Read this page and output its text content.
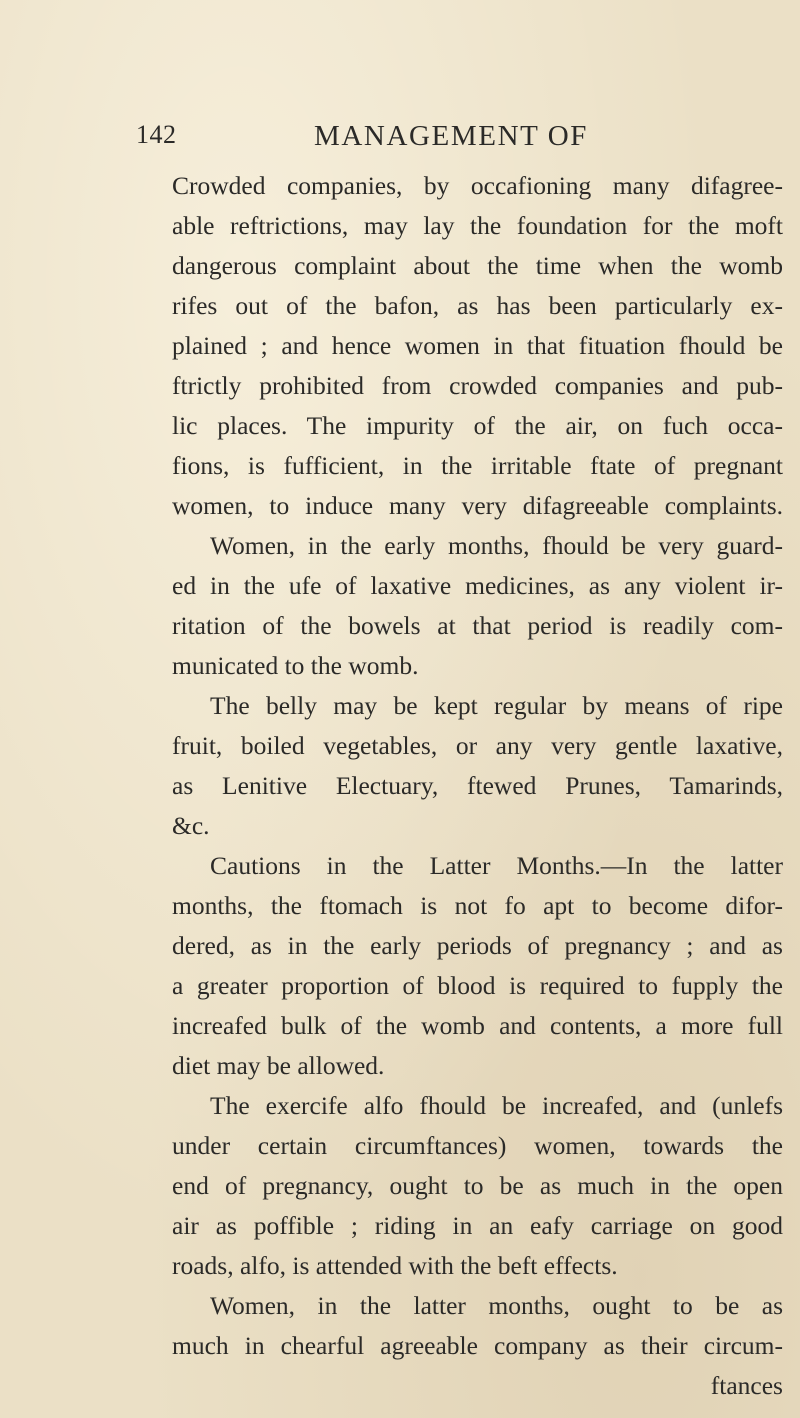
142	MANAGEMENT OF
Crowded companies, by occafioning many difagree-
able reftrictions, may lay the foundation for the moft
dangerous complaint about the time when the womb
rifes out of the bafon, as has been particularly ex-
plained ; and hence women in that fituation fhould be
ftrictly prohibited from crowded companies and pub-
lic places. The impurity of the air, on fuch occa-
fions, is fufficient, in the irritable ftate of pregnant
women, to induce many very difagreeable complaints.
Women, in the early months, fhould be very guard-
ed in the ufe of laxative medicines, as any violent ir-
ritation of the bowels at that period is readily com-
municated to the womb.
The belly may be kept regular by means of ripe
fruit, boiled vegetables, or any very gentle laxative,
as Lenitive Electuary, ftewed Prunes, Tamarinds,
&c.
Cautions in the Latter Months.—In the latter
months, the ftomach is not fo apt to become difor-
dered, as in the early periods of pregnancy ; and as
a greater proportion of blood is required to fupply the
increafed bulk of the womb and contents, a more full
diet may be allowed.
The exercife alfo fhould be increafed, and (unlefs
under certain circumftances) women, towards the
end of pregnancy, ought to be as much in the open
air as poffible ; riding in an eafy carriage on good
roads, alfo, is attended with the beft effects.
Women, in the latter months, ought to be as
much in chearful agreeable company as their circum-
ftances
